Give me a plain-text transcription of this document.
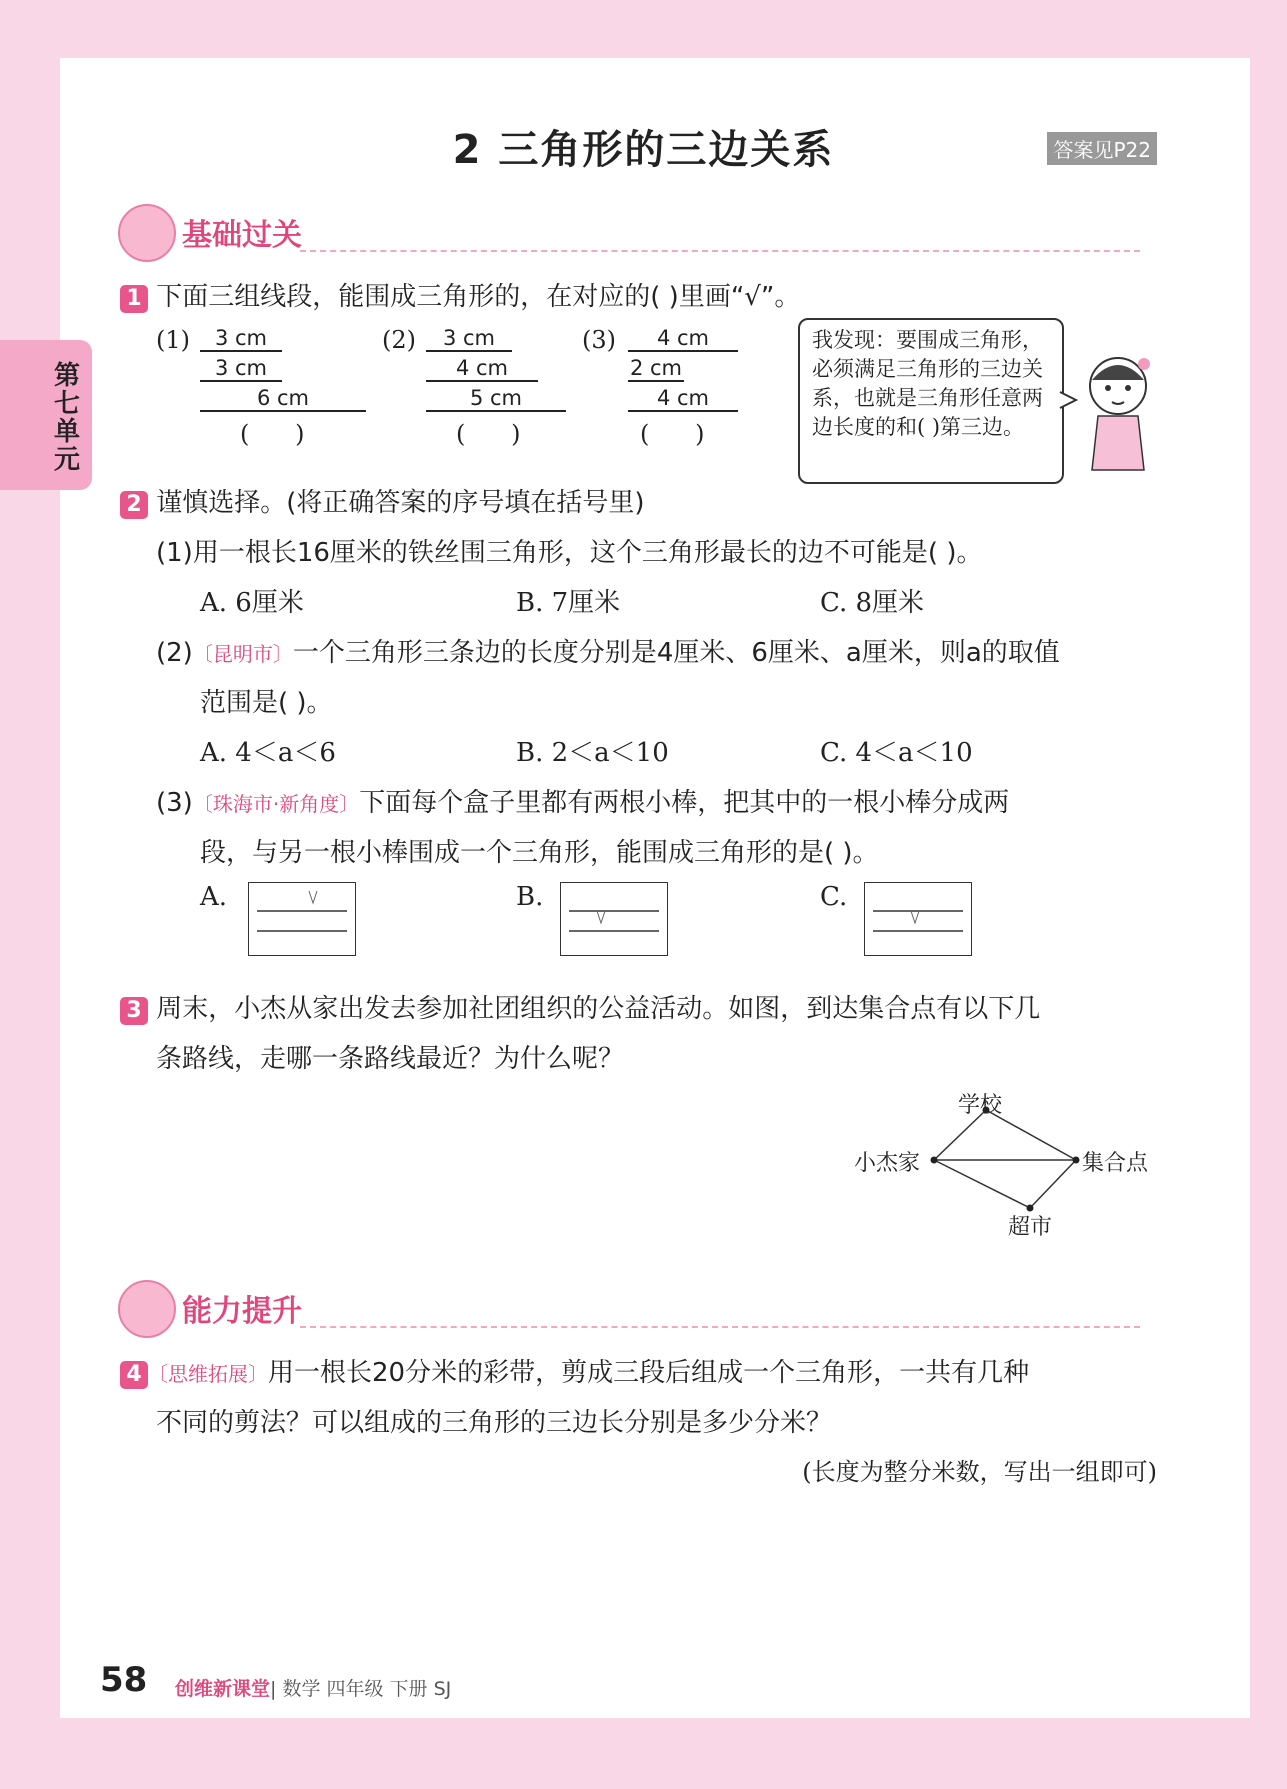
第七单元
2 三角形的三边关系	答案见P22
基础过关
1 下面三组线段，能围成三角形的，在对应的( )里画“√”。
(1)	3 cm
3 cm
6 cm
(      )
(2)	3 cm
4 cm
5 cm
(      )
(3)	4 cm
2 cm
4 cm
(      )
我发现：要围成三角形，必须满足三角形的三边关系，也就是三角形任意两边长度的和( )第三边。
2 谨慎选择。(将正确答案的序号填在括号里)
(1)用一根长16厘米的铁丝围三角形，这个三角形最长的边不可能是( )。
A. 6厘米	B. 7厘米	C. 8厘米
(2)〔昆明市〕一个三角形三条边的长度分别是4厘米、6厘米、a厘米，则a的取值
范围是( )。
A. 4＜a＜6	B. 2＜a＜10	C. 4＜a＜10
(3)〔珠海市·新角度〕下面每个盒子里都有两根小棒，把其中的一根小棒分成两
段，与另一根小棒围成一个三角形，能围成三角形的是( )。
A.	B.	C.
3 周末，小杰从家出发去参加社团组织的公益活动。如图，到达集合点有以下几
条路线，走哪一条路线最近？为什么呢？
学校
小杰家	集合点
超市
能力提升
4 〔思维拓展〕用一根长20分米的彩带，剪成三段后组成一个三角形，一共有几种
不同的剪法？可以组成的三角形的三边长分别是多少分米？
(长度为整分米数，写出一组即可)
58 创维新课堂| 数学 四年级 下册 SJ
